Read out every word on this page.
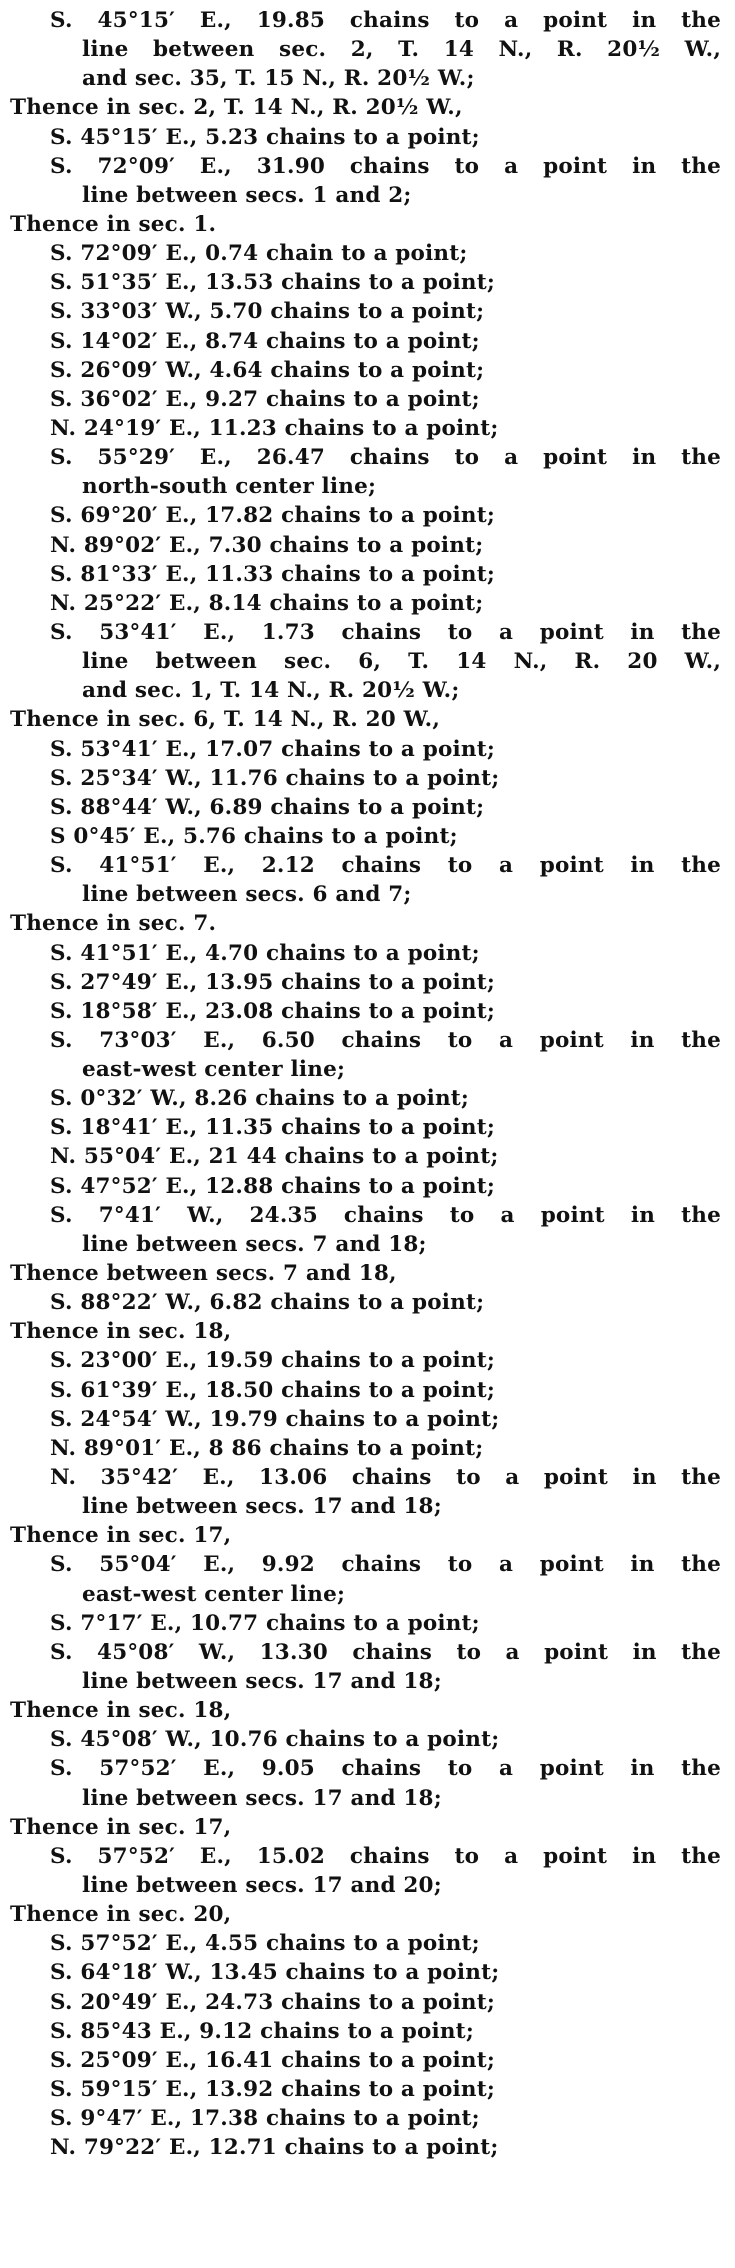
S. 45°15′ E., 19.85 chains to a point in the
line between sec. 2, T. 14 N., R. 20½ W.,
and sec. 35, T. 15 N., R. 20½ W.;
Thence in sec. 2, T. 14 N., R. 20½ W.,
S. 45°15′ E., 5.23 chains to a point;
S. 72°09′ E., 31.90 chains to a point in the
line between secs. 1 and 2;
Thence in sec. 1.
S. 72°09′ E., 0.74 chain to a point;
S. 51°35′ E., 13.53 chains to a point;
S. 33°03′ W., 5.70 chains to a point;
S. 14°02′ E., 8.74 chains to a point;
S. 26°09′ W., 4.64 chains to a point;
S. 36°02′ E., 9.27 chains to a point;
N. 24°19′ E., 11.23 chains to a point;
S. 55°29′ E., 26.47 chains to a point in the
north-south center line;
S. 69°20′ E., 17.82 chains to a point;
N. 89°02′ E., 7.30 chains to a point;
S. 81°33′ E., 11.33 chains to a point;
N. 25°22′ E., 8.14 chains to a point;
S. 53°41′ E., 1.73 chains to a point in the
line between sec. 6, T. 14 N., R. 20 W.,
and sec. 1, T. 14 N., R. 20½ W.;
Thence in sec. 6, T. 14 N., R. 20 W.,
S. 53°41′ E., 17.07 chains to a point;
S. 25°34′ W., 11.76 chains to a point;
S. 88°44′ W., 6.89 chains to a point;
S 0°45′ E., 5.76 chains to a point;
S. 41°51′ E., 2.12 chains to a point in the
line between secs. 6 and 7;
Thence in sec. 7.
S. 41°51′ E., 4.70 chains to a point;
S. 27°49′ E., 13.95 chains to a point;
S. 18°58′ E., 23.08 chains to a point;
S. 73°03′ E., 6.50 chains to a point in the
east-west center line;
S. 0°32′ W., 8.26 chains to a point;
S. 18°41′ E., 11.35 chains to a point;
N. 55°04′ E., 21 44 chains to a point;
S. 47°52′ E., 12.88 chains to a point;
S. 7°41′ W., 24.35 chains to a point in the
line between secs. 7 and 18;
Thence between secs. 7 and 18,
S. 88°22′ W., 6.82 chains to a point;
Thence in sec. 18,
S. 23°00′ E., 19.59 chains to a point;
S. 61°39′ E., 18.50 chains to a point;
S. 24°54′ W., 19.79 chains to a point;
N. 89°01′ E., 8 86 chains to a point;
N. 35°42′ E., 13.06 chains to a point in the
line between secs. 17 and 18;
Thence in sec. 17,
S. 55°04′ E., 9.92 chains to a point in the
east-west center line;
S. 7°17′ E., 10.77 chains to a point;
S. 45°08′ W., 13.30 chains to a point in the
line between secs. 17 and 18;
Thence in sec. 18,
S. 45°08′ W., 10.76 chains to a point;
S. 57°52′ E., 9.05 chains to a point in the
line between secs. 17 and 18;
Thence in sec. 17,
S. 57°52′ E., 15.02 chains to a point in the
line between secs. 17 and 20;
Thence in sec. 20,
S. 57°52′ E., 4.55 chains to a point;
S. 64°18′ W., 13.45 chains to a point;
S. 20°49′ E., 24.73 chains to a point;
S. 85°43 E., 9.12 chains to a point;
S. 25°09′ E., 16.41 chains to a point;
S. 59°15′ E., 13.92 chains to a point;
S. 9°47′ E., 17.38 chains to a point;
N. 79°22′ E., 12.71 chains to a point;
